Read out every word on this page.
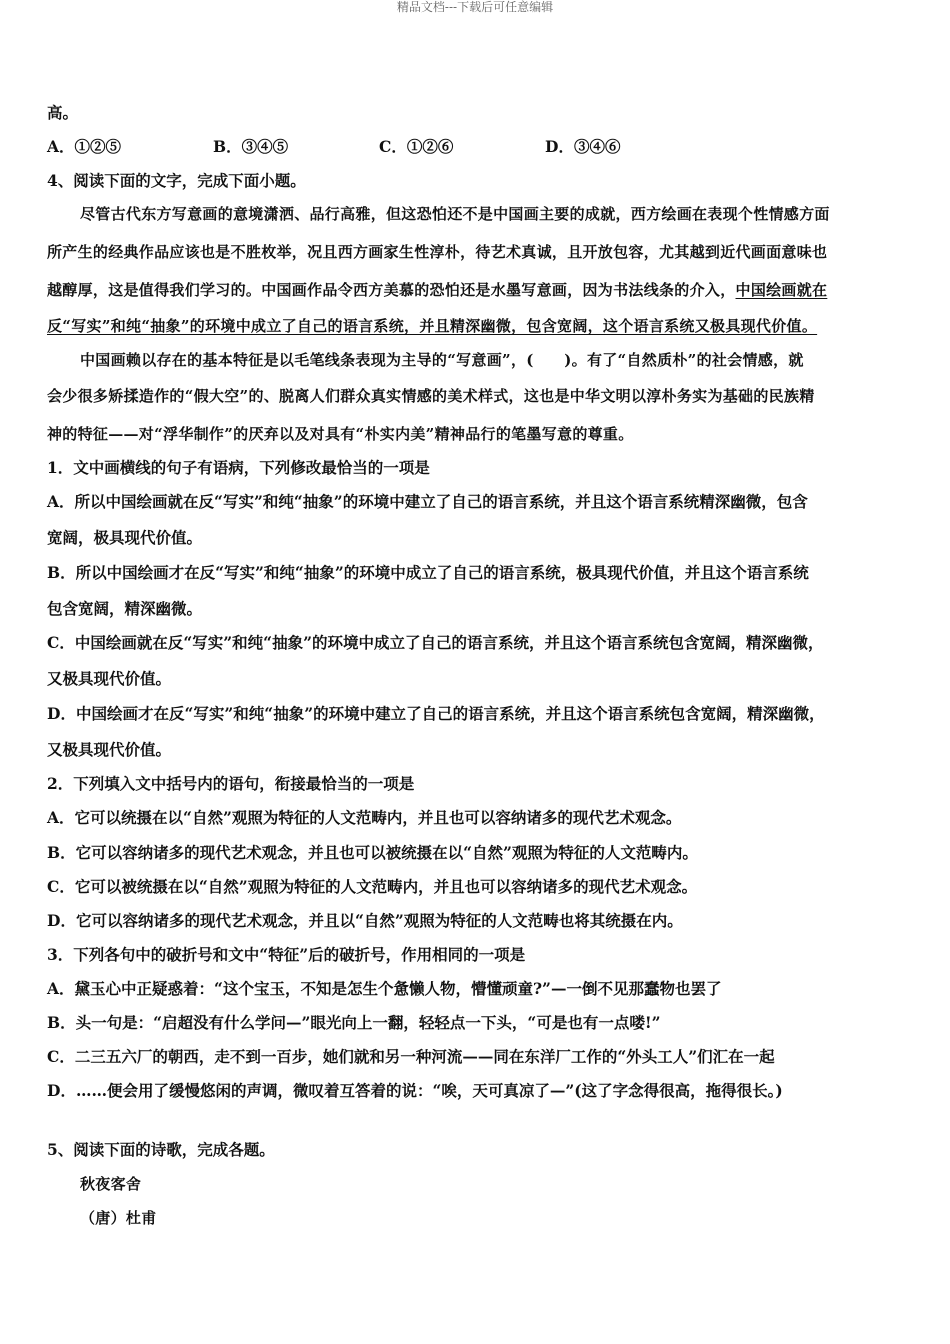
精品文档---下载后可任意编辑
高。
A．①②⑤	B．③④⑤	C．①②⑥	D．③④⑥
4、阅读下面的文字，完成下面小题。
尽管古代东方写意画的意境潇洒、品行高雅，但这恐怕还不是中国画主要的成就，西方绘画在表现个性情感方面
所产生的经典作品应该也是不胜枚举，况且西方画家生性淳朴，待艺术真诚，且开放包容，尤其越到近代画面意味也
越醇厚，这是值得我们学习的。中国画作品令西方美慕的恐怕还是水墨写意画，因为书法线条的介入，中国绘画就在
反“写实”和纯“抽象”的环境中成立了自己的语言系统，并且精深幽微，包含宽阔，这个语言系统又极具现代价值。
中国画赖以存在的基本特征是以毛笔线条表现为主导的“写意画”，(　　)。有了“自然质朴”的社会情感，就
会少很多矫揉造作的“假大空”的、脱离人们群众真实情感的美术样式，这也是中华文明以淳朴务实为基础的民族精
神的特征——对“浮华制作”的厌弃以及对具有“朴实内美”精神品行的笔墨写意的尊重。
1．文中画横线的句子有语病，下列修改最恰当的一项是
A．所以中国绘画就在反“写实”和纯“抽象”的环境中建立了自己的语言系统，并且这个语言系统精深幽微，包含
宽阔，极具现代价值。
B．所以中国绘画才在反“写实”和纯“抽象”的环境中成立了自己的语言系统，极具现代价值，并且这个语言系统
包含宽阔，精深幽微。
C．中国绘画就在反“写实”和纯“抽象”的环境中成立了自己的语言系统，并且这个语言系统包含宽阔，精深幽微，
又极具现代价值。
D．中国绘画才在反“写实”和纯“抽象”的环境中建立了自己的语言系统，并且这个语言系统包含宽阔，精深幽微，
又极具现代价值。
2．下列填入文中括号内的语句，衔接最恰当的一项是
A．它可以统摄在以“自然”观照为特征的人文范畴内，并且也可以容纳诸多的现代艺术观念。
B．它可以容纳诸多的现代艺术观念，并且也可以被统摄在以“自然”观照为特征的人文范畴内。
C．它可以被统摄在以“自然”观照为特征的人文范畴内，并且也可以容纳诸多的现代艺术观念。
D．它可以容纳诸多的现代艺术观念，并且以“自然”观照为特征的人文范畴也将其统摄在内。
3．下列各句中的破折号和文中“特征”后的破折号，作用相同的一项是
A．黛玉心中正疑惑着：“这个宝玉，不知是怎生个惫懒人物，懵懂顽童?”—一倒不见那蠢物也罢了
B．头一句是：“启超没有什么学问—”眼光向上一翻，轻轻点一下头，“可是也有一点喽!”
C．二三五六厂的朝西，走不到一百步，她们就和另一种河流——同在东洋厂工作的“外头工人”们汇在一起
D．……便会用了缓慢悠闲的声调，微叹着互答着的说：“唉，天可真凉了—”(这了字念得很高，拖得很长。)
5、阅读下面的诗歌，完成各题。
秋夜客舍
（唐）杜甫
